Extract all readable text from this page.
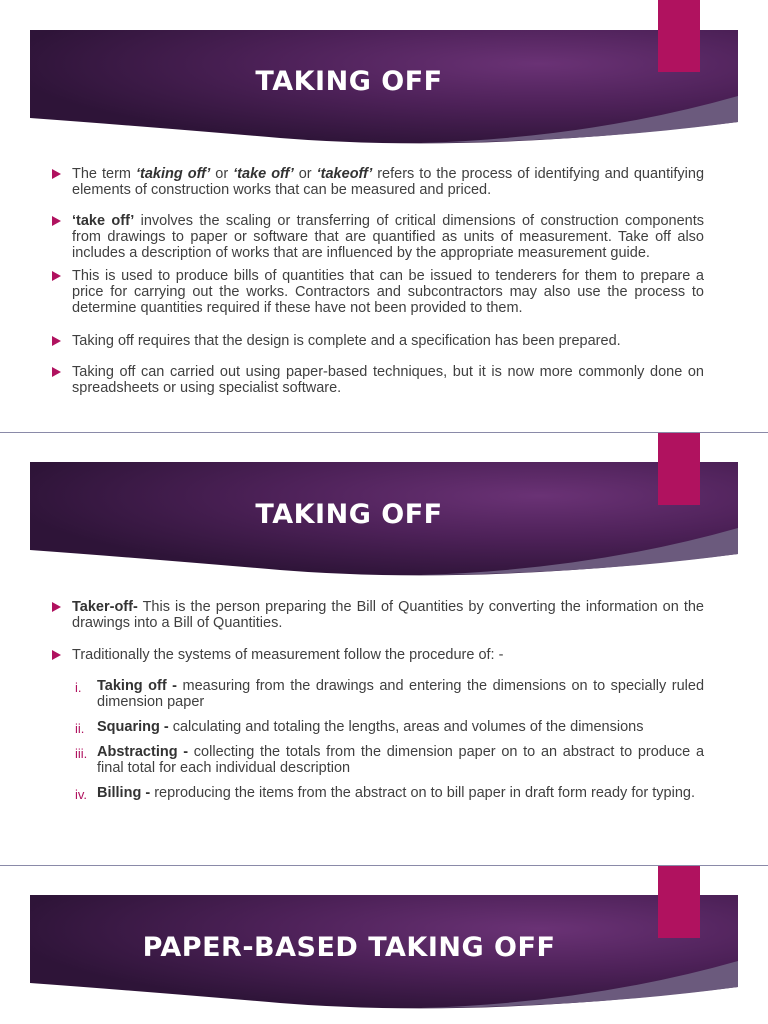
TAKING OFF
The term ‘taking off’ or ‘take off’ or ‘takeoff’ refers to the process of identifying and quantifying elements of construction works that can be measured and priced.
‘take off’ involves the scaling or transferring of critical dimensions of construction components from drawings to paper or software that are quantified as units of measurement. Take off also includes a description of works that are influenced by the appropriate measurement guide.
This is used to produce bills of quantities that can be issued to tenderers for them to prepare a price for carrying out the works. Contractors and subcontractors may also use the process to determine quantities required if these have not been provided to them.
Taking off requires that the design is complete and a specification has been prepared.
Taking off can carried out using paper-based techniques, but it is now more commonly done on spreadsheets or using specialist software.
TAKING OFF
Taker-off- This is the person preparing the Bill of Quantities by converting the information on the drawings into a Bill of Quantities.
Traditionally the systems of measurement follow the procedure of: -
i. Taking off - measuring from the drawings and entering the dimensions on to specially ruled dimension paper
ii. Squaring - calculating and totaling the lengths, areas and volumes of the dimensions
iii. Abstracting - collecting the totals from the dimension paper on to an abstract to produce a final total for each individual description
iv. Billing - reproducing the items from the abstract on to bill paper in draft form ready for typing.
PAPER-BASED TAKING OFF
